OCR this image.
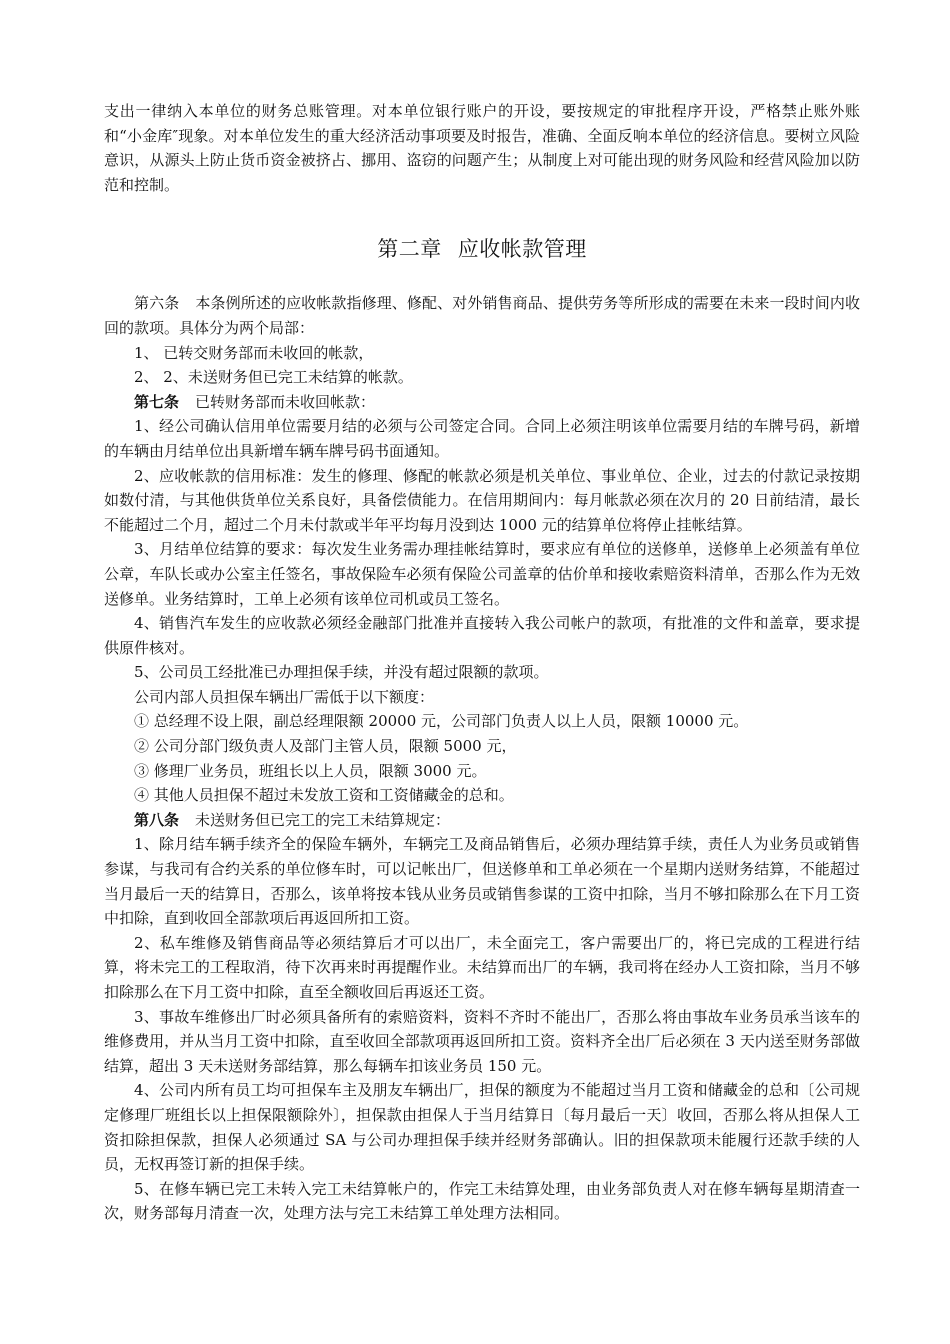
支出一律纳入本单位的财务总账管理。对本单位银行账户的开设，要按规定的审批程序开设，严格禁止账外账和“小金库″现象。对本单位发生的重大经济活动事项要及时报告，准确、全面反响本单位的经济信息。要树立风险意识，从源头上防止货币资金被挤占、挪用、盗窃的问题产生；从制度上对可能出现的财务风险和经营风险加以防范和控制。

第二章 应收帐款管理

第六条 本条例所述的应收帐款指修理、修配、对外销售商品、提供劳务等所形成的需要在未来一段时间内收回的款项。具体分为两个局部：

1、 已转交财务部而未收回的帐款，

2、 2、未送财务但已完工未结算的帐款。

第七条 已转财务部而未收回帐款：

1、经公司确认信用单位需要月结的必须与公司签定合同。合同上必须注明该单位需要月结的车牌号码，新增的车辆由月结单位出具新增车辆车牌号码书面通知。

2、应收帐款的信用标准：发生的修理、修配的帐款必须是机关单位、事业单位、企业，过去的付款记录按期如数付清，与其他供货单位关系良好，具备偿债能力。在信用期间内：每月帐款必须在次月的 20 日前结清，最长不能超过二个月，超过二个月未付款或半年平均每月没到达 1000 元的结算单位将停止挂帐结算。

3、月结单位结算的要求：每次发生业务需办理挂帐结算时，要求应有单位的送修单，送修单上必须盖有单位公章，车队长或办公室主任签名，事故保险车必须有保险公司盖章的估价单和接收索赔资料清单，否那么作为无效送修单。业务结算时，工单上必须有该单位司机或员工签名。

4、销售汽车发生的应收款必须经金融部门批准并直接转入我公司帐户的款项，有批准的文件和盖章，要求提供原件核对。

5、公司员工经批准已办理担保手续，并没有超过限额的款项。

公司内部人员担保车辆出厂需低于以下额度：

① 总经理不设上限，副总经理限额 20000 元，公司部门负责人以上人员，限额 10000 元。

② 公司分部门级负责人及部门主管人员，限额 5000 元，

③ 修理厂业务员，班组长以上人员，限额 3000 元。

④ 其他人员担保不超过未发放工资和工资储藏金的总和。

第八条 未送财务但已完工的完工未结算规定：

1、除月结车辆手续齐全的保险车辆外，车辆完工及商品销售后，必须办理结算手续，责任人为业务员或销售参谋，与我司有合约关系的单位修车时，可以记帐出厂，但送修单和工单必须在一个星期内送财务结算，不能超过当月最后一天的结算日，否那么，该单将按本钱从业务员或销售参谋的工资中扣除，当月不够扣除那么在下月工资中扣除，直到收回全部款项后再返回所扣工资。

2、私车维修及销售商品等必须结算后才可以出厂，未全面完工，客户需要出厂的，将已完成的工程进行结算，将未完工的工程取消，待下次再来时再提醒作业。未结算而出厂的车辆，我司将在经办人工资扣除，当月不够扣除那么在下月工资中扣除，直至全额收回后再返还工资。

3、事故车维修出厂时必须具备所有的索赔资料，资料不齐时不能出厂，否那么将由事故车业务员承当该车的维修费用，并从当月工资中扣除，直至收回全部款项再返回所扣工资。资料齐全出厂后必须在 3 天内送至财务部做结算，超出 3 天未送财务部结算，那么每辆车扣该业务员 150 元。

4、公司内所有员工均可担保车主及朋友车辆出厂，担保的额度为不能超过当月工资和储藏金的总和〔公司规定修理厂班组长以上担保限额除外〕，担保款由担保人于当月结算日〔每月最后一天〕收回，否那么将从担保人工资扣除担保款，担保人必须通过 SA 与公司办理担保手续并经财务部确认。旧的担保款项未能履行还款手续的人员，无权再签订新的担保手续。

5、在修车辆已完工未转入完工未结算帐户的，作完工未结算处理，由业务部负责人对在修车辆每星期清查一次，财务部每月清查一次，处理方法与完工未结算工单处理方法相同。
